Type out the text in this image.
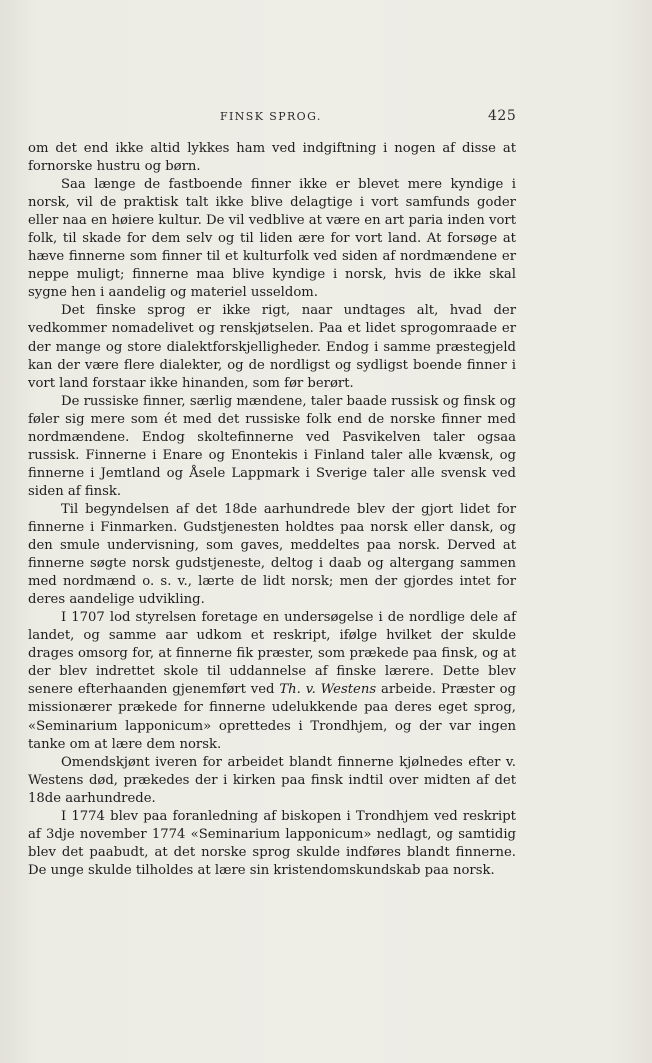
FINSK SPROG.	425

om det end ikke altid lykkes ham ved indgiftning i nogen af disse at fornorske hustru og børn.

Saa længe de fastboende finner ikke er blevet mere kyndige i norsk, vil de praktisk talt ikke blive delagtige i vort samfunds goder eller naa en høiere kultur. De vil vedblive at være en art paria inden vort folk, til skade for dem selv og til liden ære for vort land. At forsøge at hæve finnerne som finner til et kulturfolk ved siden af nordmændene er neppe muligt; finnerne maa blive kyndige i norsk, hvis de ikke skal sygne hen i aandelig og materiel usseldom.

Det finske sprog er ikke rigt, naar undtages alt, hvad der vedkommer nomadelivet og renskjøtselen. Paa et lidet sprogomraade er der mange og store dialektforskjelligheder. Endog i samme præstegjeld kan der være flere dialekter, og de nordligst og sydligst boende finner i vort land forstaar ikke hinanden, som før berørt.

De russiske finner, særlig mændene, taler baade russisk og finsk og føler sig mere som ét med det russiske folk end de norske finner med nordmændene. Endog skoltefinnerne ved Pasvikelven taler ogsaa russisk. Finnerne i Enare og Enontekis i Finland taler alle kvænsk, og finnerne i Jemtland og Åsele Lappmark i Sverige taler alle svensk ved siden af finsk.

Til begyndelsen af det 18de aarhundrede blev der gjort lidet for finnerne i Finmarken. Gudstjenesten holdtes paa norsk eller dansk, og den smule undervisning, som gaves, meddeltes paa norsk. Derved at finnerne søgte norsk gudstjeneste, deltog i daab og altergang sammen med nordmænd o. s. v., lærte de lidt norsk; men der gjordes intet for deres aandelige udvikling.

I 1707 lod styrelsen foretage en undersøgelse i de nordlige dele af landet, og samme aar udkom et reskript, ifølge hvilket der skulde drages omsorg for, at finnerne fik præster, som prækede paa finsk, og at der blev indrettet skole til uddannelse af finske lærere. Dette blev senere efterhaanden gjenemført ved Th. v. Westens arbeide. Præster og missionærer prækede for finnerne udelukkende paa deres eget sprog, «Seminarium lapponicum» oprettedes i Trondhjem, og der var ingen tanke om at lære dem norsk.

Omendskjønt iveren for arbeidet blandt finnerne kjølnedes efter v. Westens død, prækedes der i kirken paa finsk indtil over midten af det 18de aarhundrede.

I 1774 blev paa foranledning af biskopen i Trondhjem ved reskript af 3dje november 1774 «Seminarium lapponicum» nedlagt, og samtidig blev det paabudt, at det norske sprog skulde indføres blandt finnerne. De unge skulde tilholdes at lære sin kristendomskundskab paa norsk.
